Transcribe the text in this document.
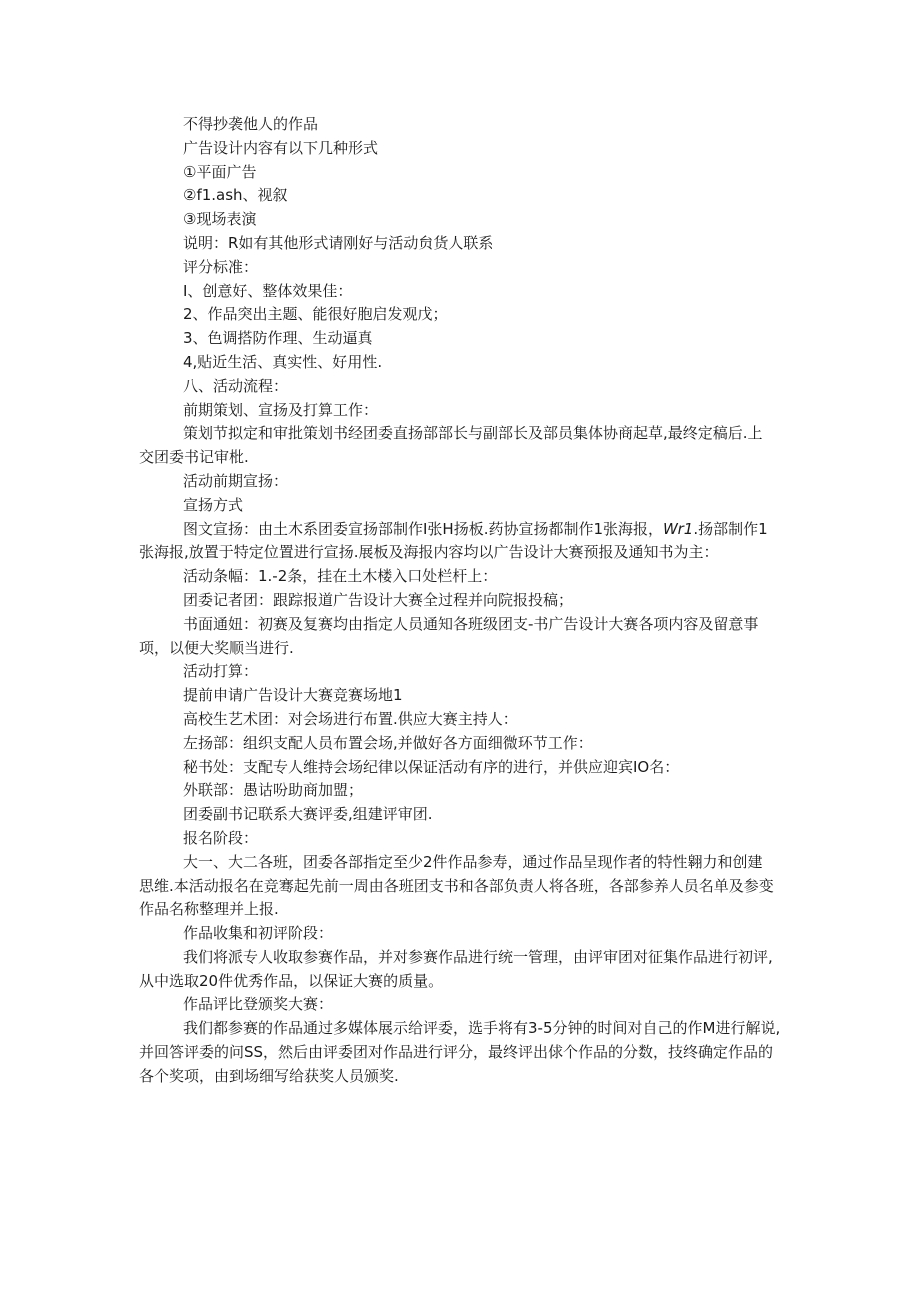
不得抄袭他人的作品
广告设计内容有以下几种形式
①平面广告
②f1.ash、视叙
③现场表演
说明：R如有其他形式请刚好与活动贠货人联系
评分标准：
I、创意好、整体效果佳：
2、作品突出主题、能很好胞启发观戊；
3、色调搭防作理、生动逼真
4,贴近生活、真实性、好用性.
八、活动流程：
前期策划、宣扬及打算工作：
策划节拟定和审批策划书经团委直扬部部长与副部长及部员集体协商起草,最终定稿后.上
交团委书记审枇.
活动前期宣扬：
宣扬方式
图文宣扬：由土木系团委宣扬部制作I张H扬板.药协宣扬都制作1张海报，Wr1.扬部制作1
张海报,放置于特定位置进行宣扬.展板及海报内容均以广告设计大赛预报及通知书为主：
活动条幅：1.-2条，挂在土木楼入口处栏杆上：
团委记者团：跟踪报道广告设计大赛全过程并向院报投稿；
书面通妞：初赛及复赛均由指定人员通知各班级团支-书广告设计大赛各项内容及留意事
项，以便大奖顺当进行.
活动打算：
提前申请广告设计大赛竞赛场地1
高校生艺术团：对会场进行布置.供应大赛主持人：
左扬部：组织支配人员布置会场,并做好各方面细微环节工作：
秘书处：支配专人维持会场纪律以保证活动有序的进行，并供应迎宾IO名：
外联部：愚诂吩助商加盟；
团委副书记联系大赛评委,组建评审团.
报名阶段：
大一、大二各班，团委各部指定至少2件作品参寿，通过作品呈现作者的特性翱力和创建
思维.本活动报名在竞骞起先前一周由各班团支书和各部负责人将各班，各部参养人员名单及参变
作品名称整理并上报.
作品收集和初评阶段：
我们将派专人收取参赛作品，并对参赛作品进行统一管理，由评审团对征集作品进行初评,
从中选取20件优秀作品，以保证大赛的质量。
作品评比登颁奖大赛：
我们都参赛的作品通过多媒体展示给评委，选手将有3-5分钟的时间对自己的作M进行解说,
并回答评委的问SS，然后由评委团对作品进行评分，最终评出俅个作品的分数，技终确定作品的
各个奖项，由到场细写给获奖人员颁奖.
